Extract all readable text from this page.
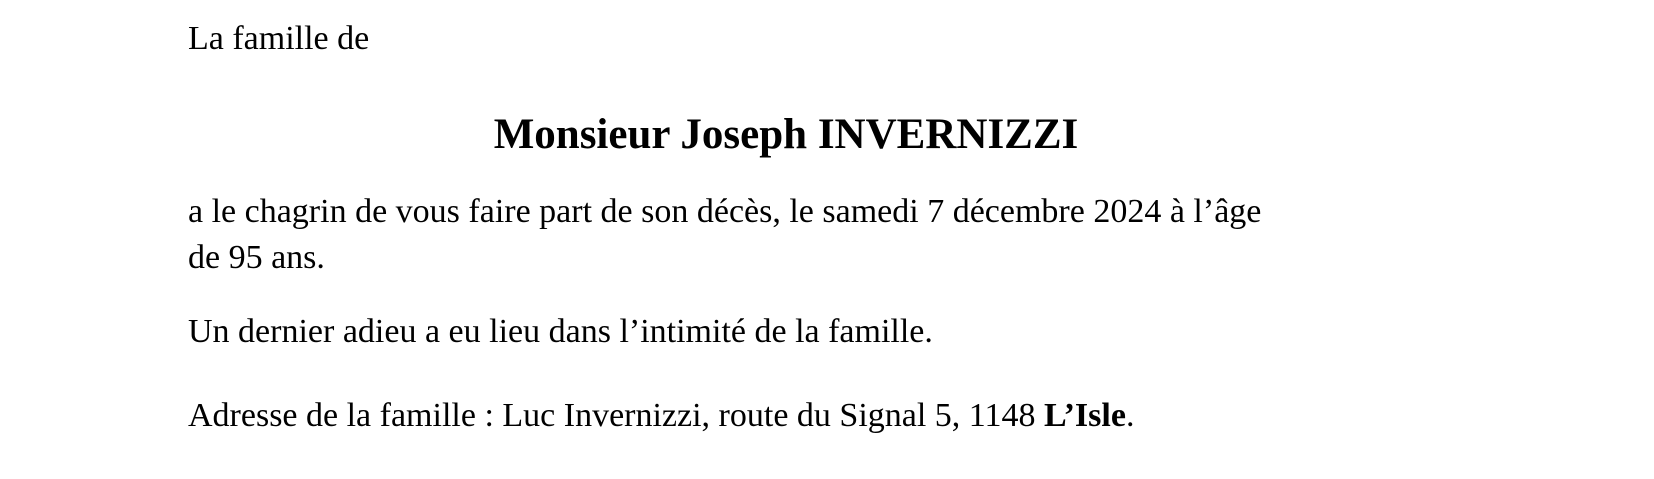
La famille de

Monsieur Joseph INVERNIZZI
a le chagrin de vous faire part de son décès, le samedi 7 décembre 2024 à l’âge
de 95 ans.

Un dernier adieu a eu lieu dans l’intimité de la famille.

Adresse de la famille : Luc Invernizzi, route du Signal 5, 1148 L’Isle.
